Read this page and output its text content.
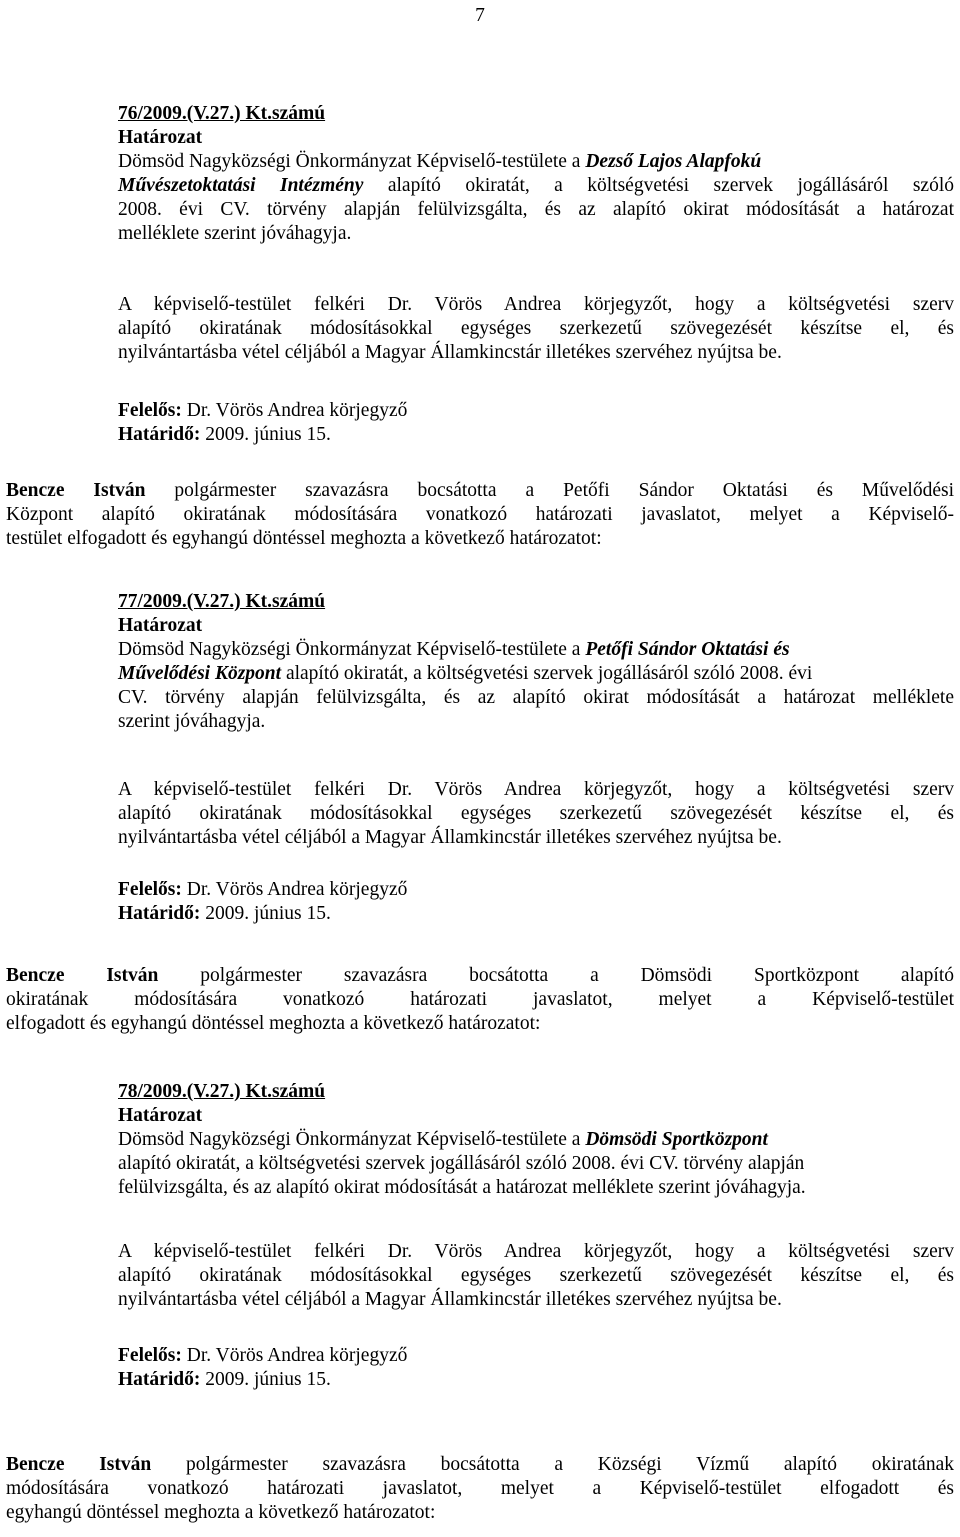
7
76/2009.(V.27.) Kt.számú
Határozat
Dömsöd Nagyközségi Önkormányzat Képviselő-testülete a Dezső Lajos Alapfokú
Művészetoktatási Intézmény alapító okiratát, a költségvetési szervek jogállásáról szóló
2008. évi CV. törvény alapján felülvizsgálta, és az alapító okirat módosítását a határozat
melléklete szerint jóváhagyja.
A képviselő-testület felkéri Dr. Vörös Andrea körjegyzőt, hogy a költségvetési szerv
alapító okiratának módosításokkal egységes szerkezetű szövegezését készítse el, és
nyilvántartásba vétel céljából a Magyar Államkincstár illetékes szervéhez nyújtsa be.
Felelős: Dr. Vörös Andrea körjegyző
Határidő: 2009. június 15.
Bencze István polgármester szavazásra bocsátotta a Petőfi Sándor Oktatási és Művelődési
Központ alapító okiratának módosítására vonatkozó határozati javaslatot, melyet a Képviselő-
testület elfogadott és egyhangú döntéssel meghozta a következő határozatot:
77/2009.(V.27.) Kt.számú
Határozat
Dömsöd Nagyközségi Önkormányzat Képviselő-testülete a Petőfi Sándor Oktatási és
Művelődési Központ alapító okiratát, a költségvetési szervek jogállásáról szóló 2008. évi
CV. törvény alapján felülvizsgálta, és az alapító okirat módosítását a határozat melléklete
szerint jóváhagyja.
A képviselő-testület felkéri Dr. Vörös Andrea körjegyzőt, hogy a költségvetési szerv
alapító okiratának módosításokkal egységes szerkezetű szövegezését készítse el, és
nyilvántartásba vétel céljából a Magyar Államkincstár illetékes szervéhez nyújtsa be.
Felelős: Dr. Vörös Andrea körjegyző
Határidő: 2009. június 15.
Bencze István polgármester szavazásra bocsátotta a Dömsödi Sportközpont alapító
okiratának módosítására vonatkozó határozati javaslatot, melyet a Képviselő-testület
elfogadott és egyhangú döntéssel meghozta a következő határozatot:
78/2009.(V.27.) Kt.számú
Határozat
Dömsöd Nagyközségi Önkormányzat Képviselő-testülete a Dömsödi Sportközpont
alapító okiratát, a költségvetési szervek jogállásáról szóló 2008. évi CV. törvény alapján
felülvizsgálta, és az alapító okirat módosítását a határozat melléklete szerint jóváhagyja.
A képviselő-testület felkéri Dr. Vörös Andrea körjegyzőt, hogy a költségvetési szerv
alapító okiratának módosításokkal egységes szerkezetű szövegezését készítse el, és
nyilvántartásba vétel céljából a Magyar Államkincstár illetékes szervéhez nyújtsa be.
Felelős: Dr. Vörös Andrea körjegyző
Határidő: 2009. június 15.
Bencze István polgármester szavazásra bocsátotta a Községi Vízmű alapító okiratának
módosítására vonatkozó határozati javaslatot, melyet a Képviselő-testület elfogadott és
egyhangú döntéssel meghozta a következő határozatot:
